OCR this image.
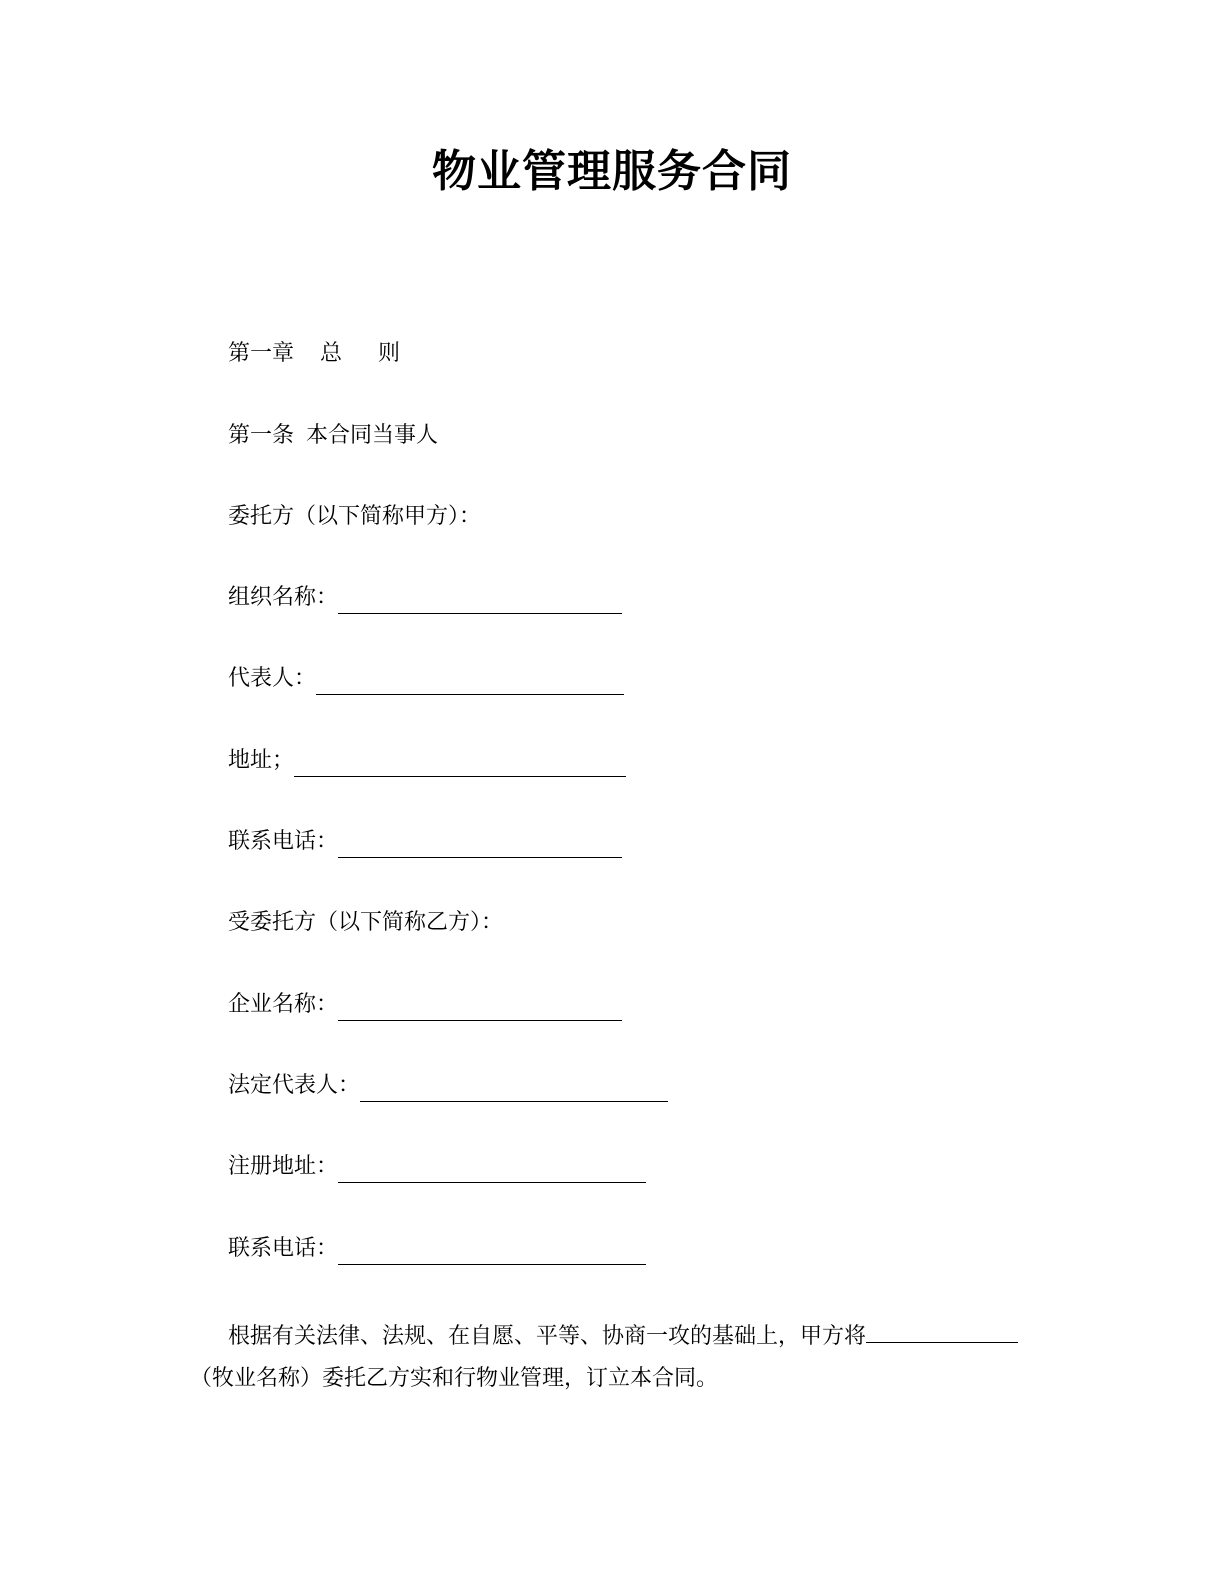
物业管理服务合同
第一章 总 则
第一条 本合同当事人
委托方（以下简称甲方）：
组织名称：
代表人：
地址；
联系电话：
受委托方（以下简称乙方）：
企业名称：
法定代表人：
注册地址：
联系电话：
根据有关法律、法规、在自愿、平等、协商一攻的基础上，甲方将
（牧业名称）委托乙方实和行物业管理，订立本合同。
